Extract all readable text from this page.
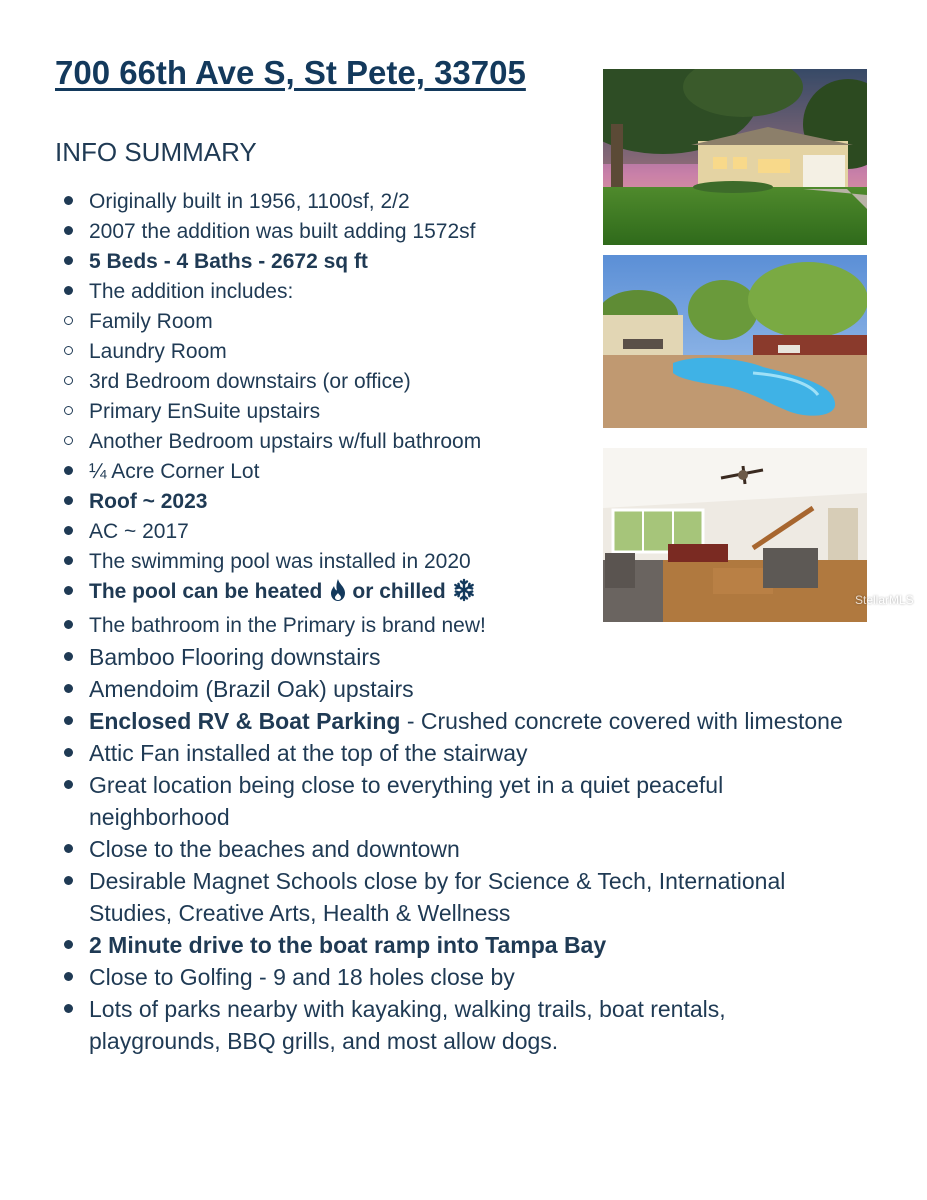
700 66th Ave S, St Pete, 33705
INFO SUMMARY
Originally built in 1956, 1100sf, 2/2
2007 the addition was built adding 1572sf
5 Beds - 4 Baths - 2672 sq ft
The addition includes:
Family Room
Laundry Room
3rd Bedroom downstairs (or office)
Primary EnSuite upstairs
Another Bedroom upstairs w/full bathroom
¼ Acre Corner Lot
Roof ~ 2023
AC ~ 2017
The swimming pool was installed in 2020
The pool can be heated or chilled
The bathroom in the Primary is brand new!
Bamboo Flooring downstairs
Amendoim (Brazil Oak) upstairs
Enclosed RV & Boat Parking - Crushed concrete covered with limestone
Attic Fan installed at the top of the stairway
Great location being close to everything yet in a quiet peaceful neighborhood
Close to the beaches and downtown
Desirable Magnet Schools close by for Science & Tech, International Studies, Creative Arts, Health & Wellness
2 Minute drive to the boat ramp into Tampa Bay
Close to Golfing - 9 and 18 holes close by
Lots of parks nearby with kayaking, walking trails, boat rentals, playgrounds, BBQ grills, and most allow dogs.
StellarMLS
